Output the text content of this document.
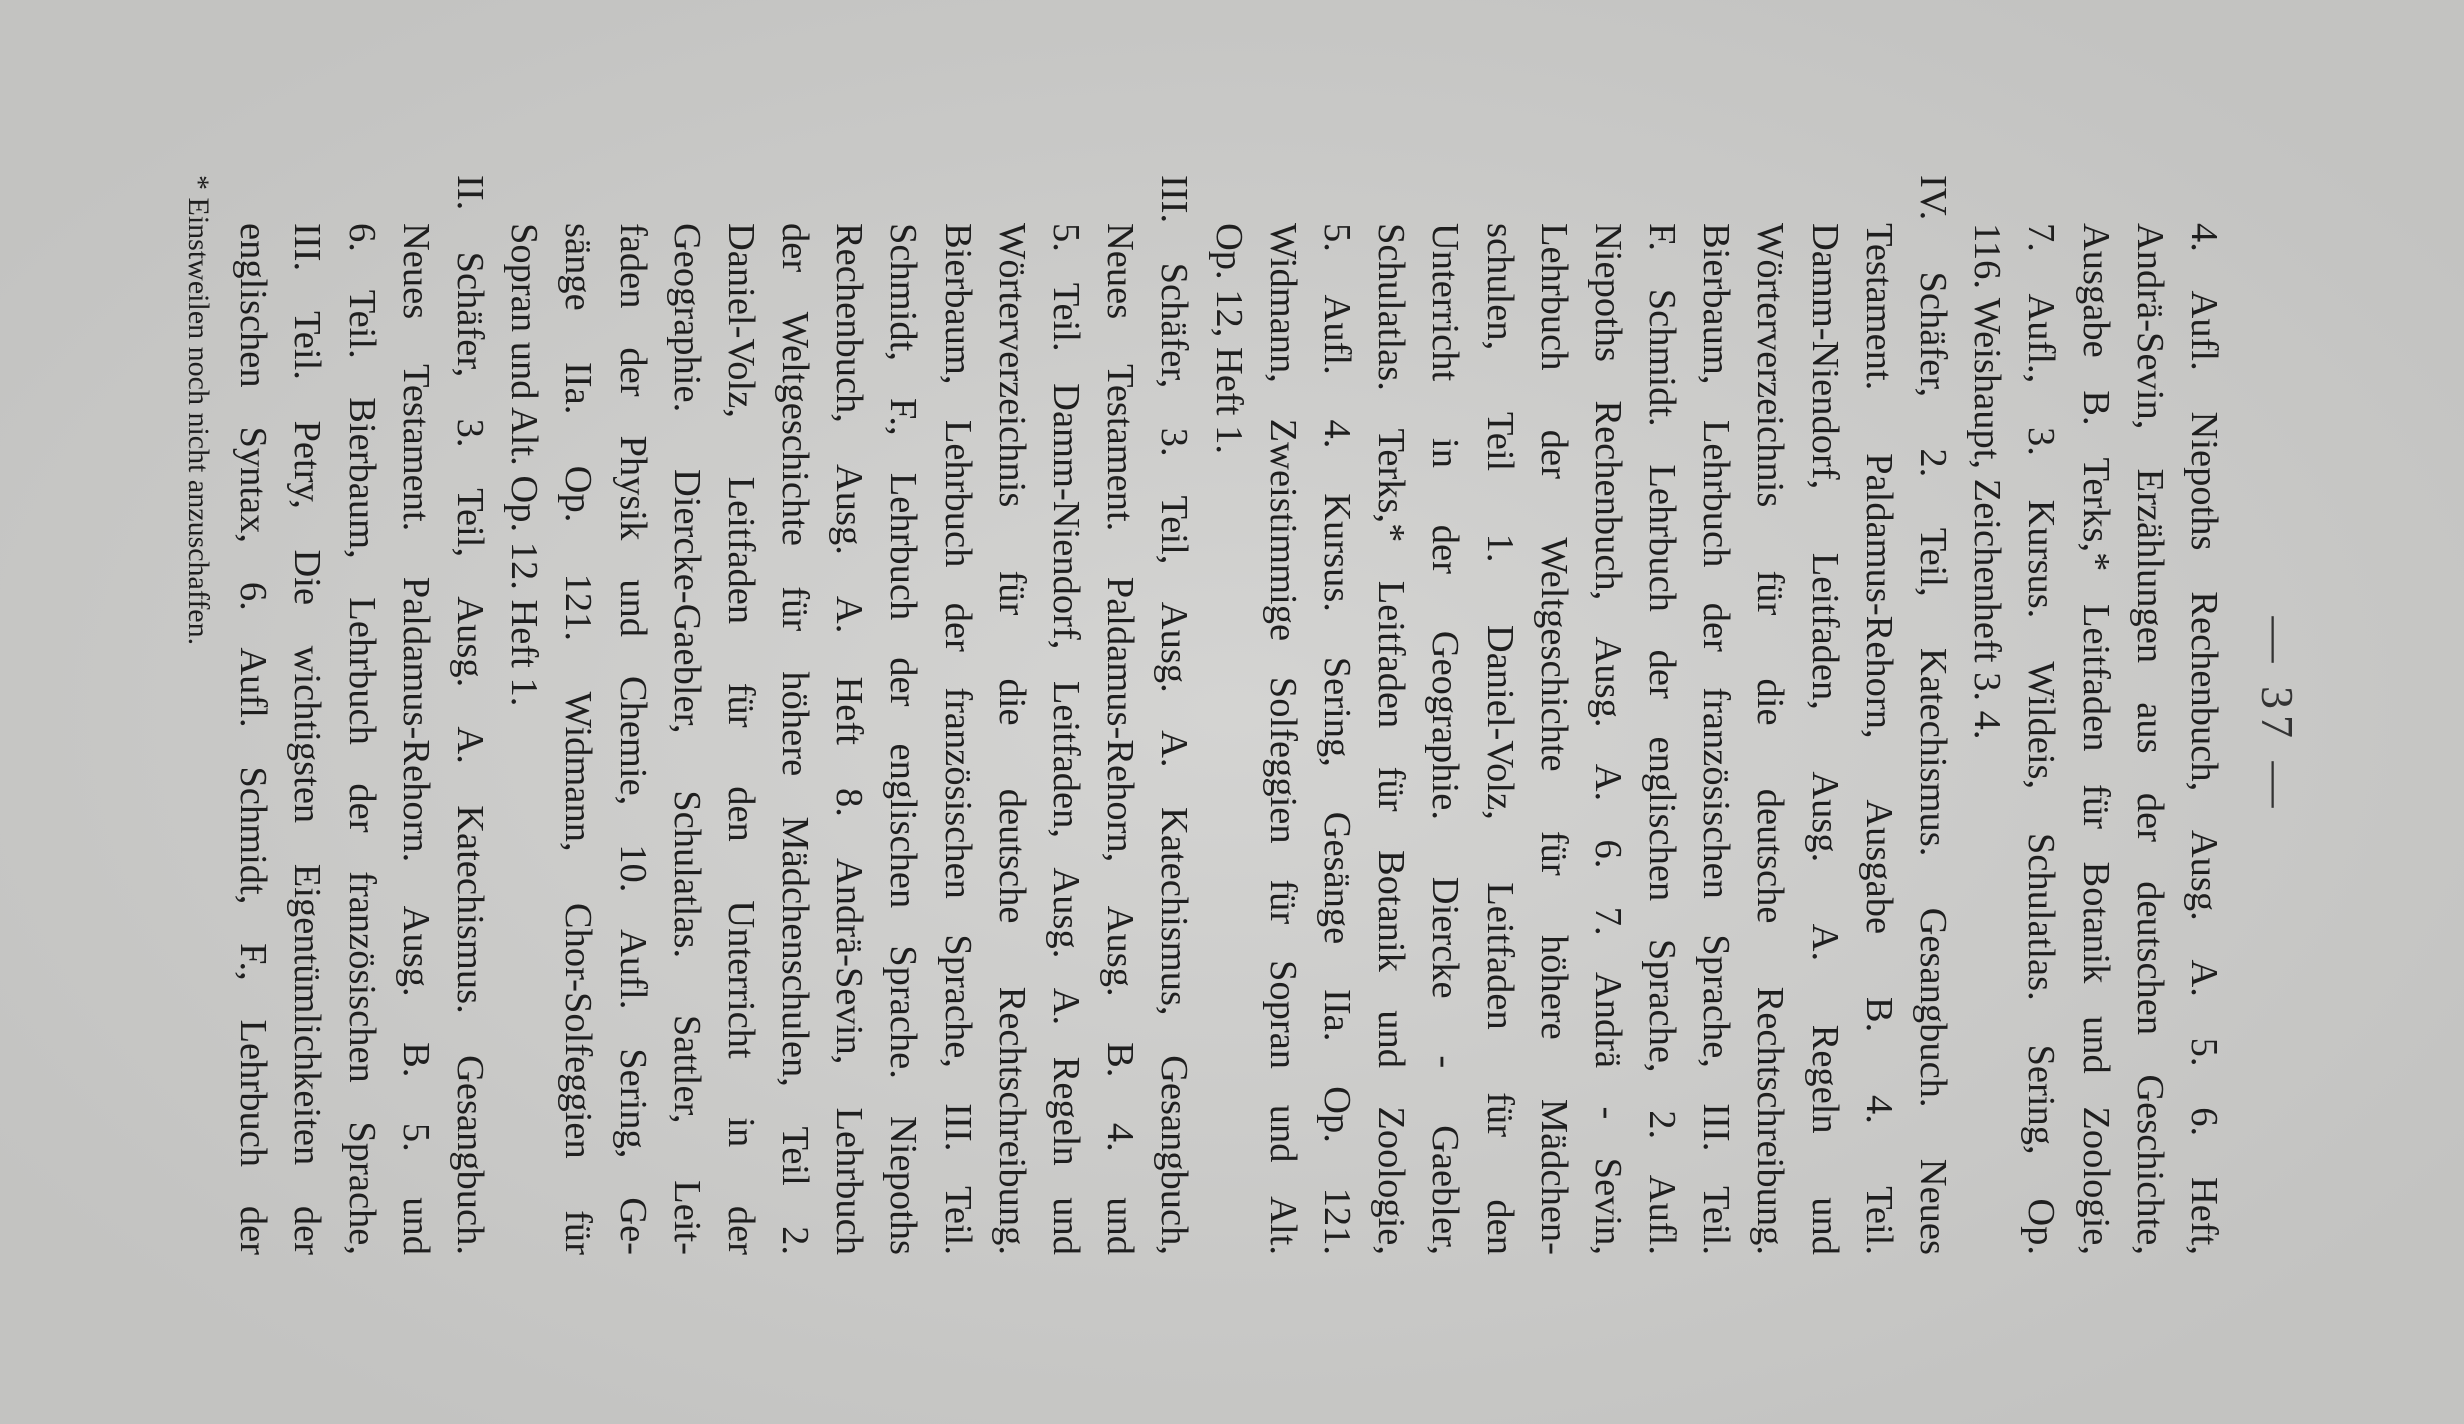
— 37 —
4. Aufl. Niepoths Rechenbuch, Ausg. A. 5. 6. Heft,
Andrä-Sevin, Erzählungen aus der deutschen Geschichte,
Ausgabe B. Terks,* Leitfaden für Botanik und Zoologie,
7. Aufl., 3. Kursus. Wildeis, Schulatlas. Sering, Op.
116. Weishaupt, Zeichenheft 3. 4.
IV. Schäfer, 2. Teil, Katechismus. Gesangbuch. Neues
Testament. Paldamus-Rehorn, Ausgabe B. 4. Teil.
Damm-Niendorf, Leitfaden, Ausg. A. Regeln und
Wörterverzeichnis für die deutsche Rechtschreibung.
Bierbaum, Lehrbuch der französischen Sprache, III. Teil.
F. Schmidt. Lehrbuch der englischen Sprache, 2. Aufl.
Niepoths Rechenbuch, Ausg. A. 6. 7. Andrä - Sevin,
Lehrbuch der Weltgeschichte für höhere Mädchen-
schulen, Teil 1. Daniel-Volz, Leitfaden für den
Unterricht in der Geographie. Diercke - Gaebler,
Schulatlas. Terks,* Leitfaden für Botanik und Zoologie,
5. Aufl. 4. Kursus. Sering, Gesänge IIa. Op. 121.
Widmann, Zweistimmige Solfeggien für Sopran und Alt.
Op. 12, Heft 1.
III. Schäfer, 3. Teil, Ausg. A. Katechismus, Gesangbuch,
Neues Testament. Paldamus-Rehorn, Ausg. B. 4. und
5. Teil. Damm-Niendorf, Leitfaden, Ausg. A. Regeln und
Wörterverzeichnis für die deutsche Rechtschreibung.
Bierbaum, Lehrbuch der französischen Sprache, III. Teil.
Schmidt, F., Lehrbuch der englischen Sprache. Niepoths
Rechenbuch, Ausg. A. Heft 8. Andrä-Sevin, Lehrbuch
der Weltgeschichte für höhere Mädchenschulen, Teil 2.
Daniel-Volz, Leitfaden für den Unterricht in der
Geographie. Diercke-Gaebler, Schulatlas. Sattler, Leit-
faden der Physik und Chemie, 10. Aufl. Sering, Ge-
sänge IIa. Op. 121. Widmann, Chor-Solfeggien für
Sopran und Alt. Op. 12. Heft 1.
II. Schäfer, 3. Teil, Ausg. A. Katechismus. Gesangbuch.
Neues Testament. Paldamus-Rehorn. Ausg. B. 5. und
6. Teil. Bierbaum, Lehrbuch der französischen Sprache,
III. Teil. Petry, Die wichtigsten Eigentümlichkeiten der
englischen Syntax, 6. Aufl. Schmidt, F., Lehrbuch der
* Einstweilen noch nicht anzuschaffen.
